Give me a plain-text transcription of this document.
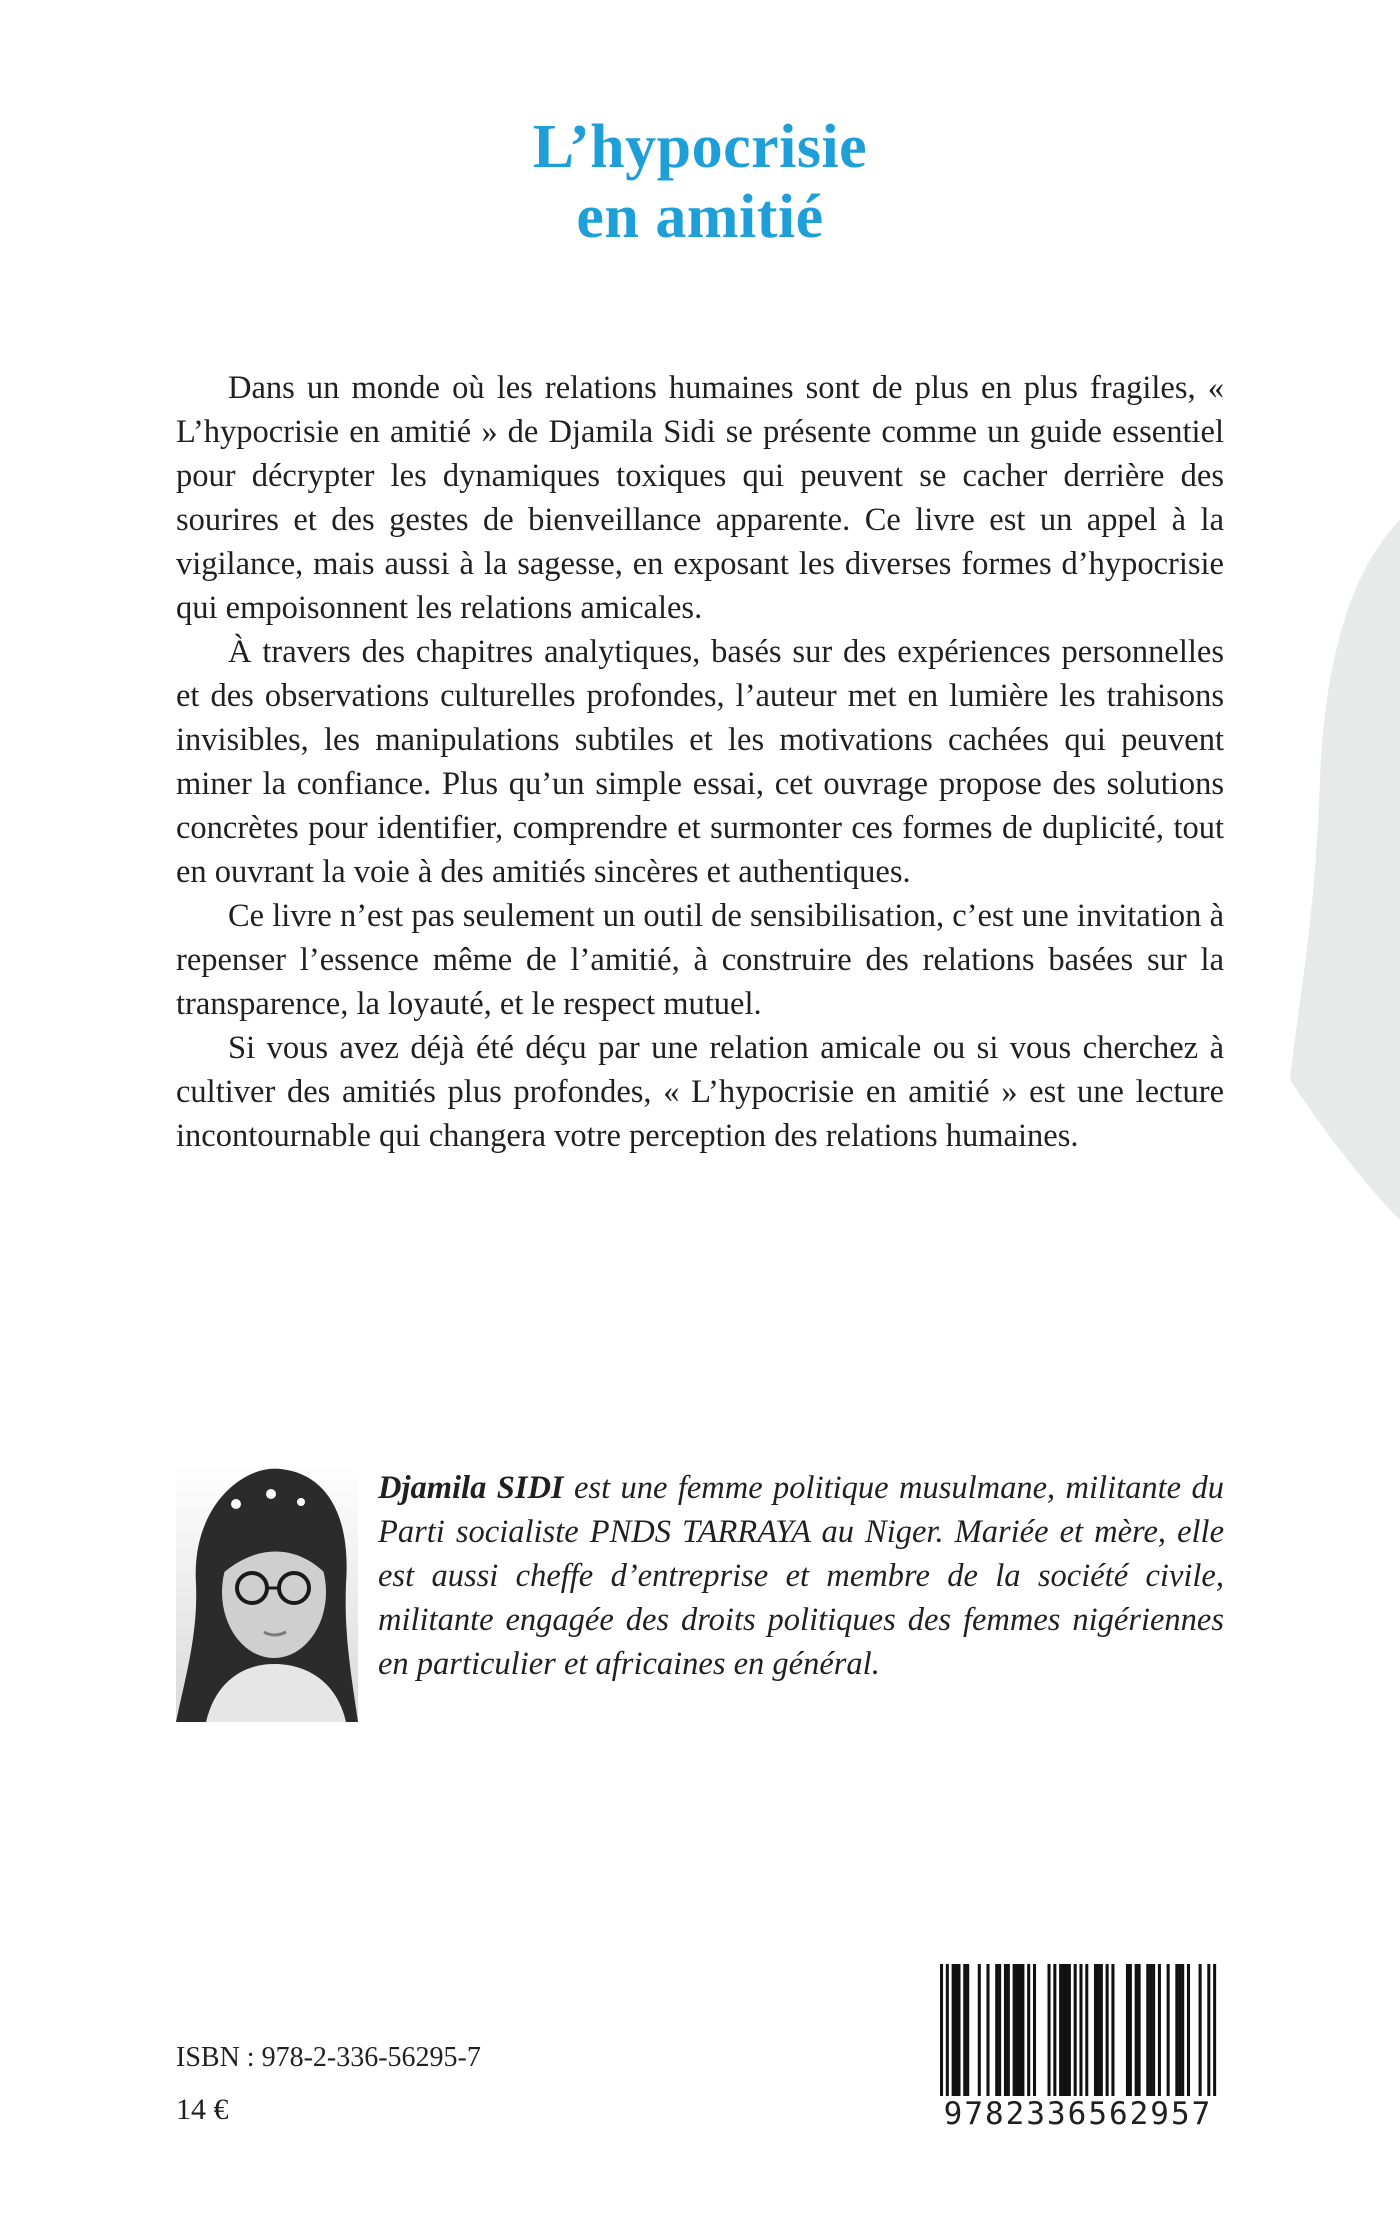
L’hypocrisie
en amitié

Dans un monde où les relations humaines sont de plus en plus fragiles, « L’hypocrisie en amitié » de Djamila Sidi se présente comme un guide essentiel pour décrypter les dynamiques toxiques qui peuvent se cacher derrière des sourires et des gestes de bienveillance apparente. Ce livre est un appel à la vigilance, mais aussi à la sagesse, en exposant les diverses formes d’hypocrisie qui empoisonnent les relations amicales.

À travers des chapitres analytiques, basés sur des expériences personnelles et des observations culturelles profondes, l’auteur met en lumière les trahisons invisibles, les manipulations subtiles et les motivations cachées qui peuvent miner la confiance. Plus qu’un simple essai, cet ouvrage propose des solutions concrètes pour identifier, comprendre et surmonter ces formes de duplicité, tout en ouvrant la voie à des amitiés sincères et authentiques.

Ce livre n’est pas seulement un outil de sensibilisation, c’est une invitation à repenser l’essence même de l’amitié, à construire des relations basées sur la transparence, la loyauté, et le respect mutuel.

Si vous avez déjà été déçu par une relation amicale ou si vous cherchez à cultiver des amitiés plus profondes, « L’hypocrisie en amitié » est une lecture incontournable qui changera votre perception des relations humaines.

Djamila SIDI est une femme politique musulmane, militante du Parti socialiste PNDS TARRAYA au Niger. Mariée et mère, elle est aussi cheffe d’entreprise et membre de la société civile, militante engagée des droits politiques des femmes nigériennes en particulier et africaines en général.
ISBN : 978-2-336-56295-7
14 €	9782336562957
